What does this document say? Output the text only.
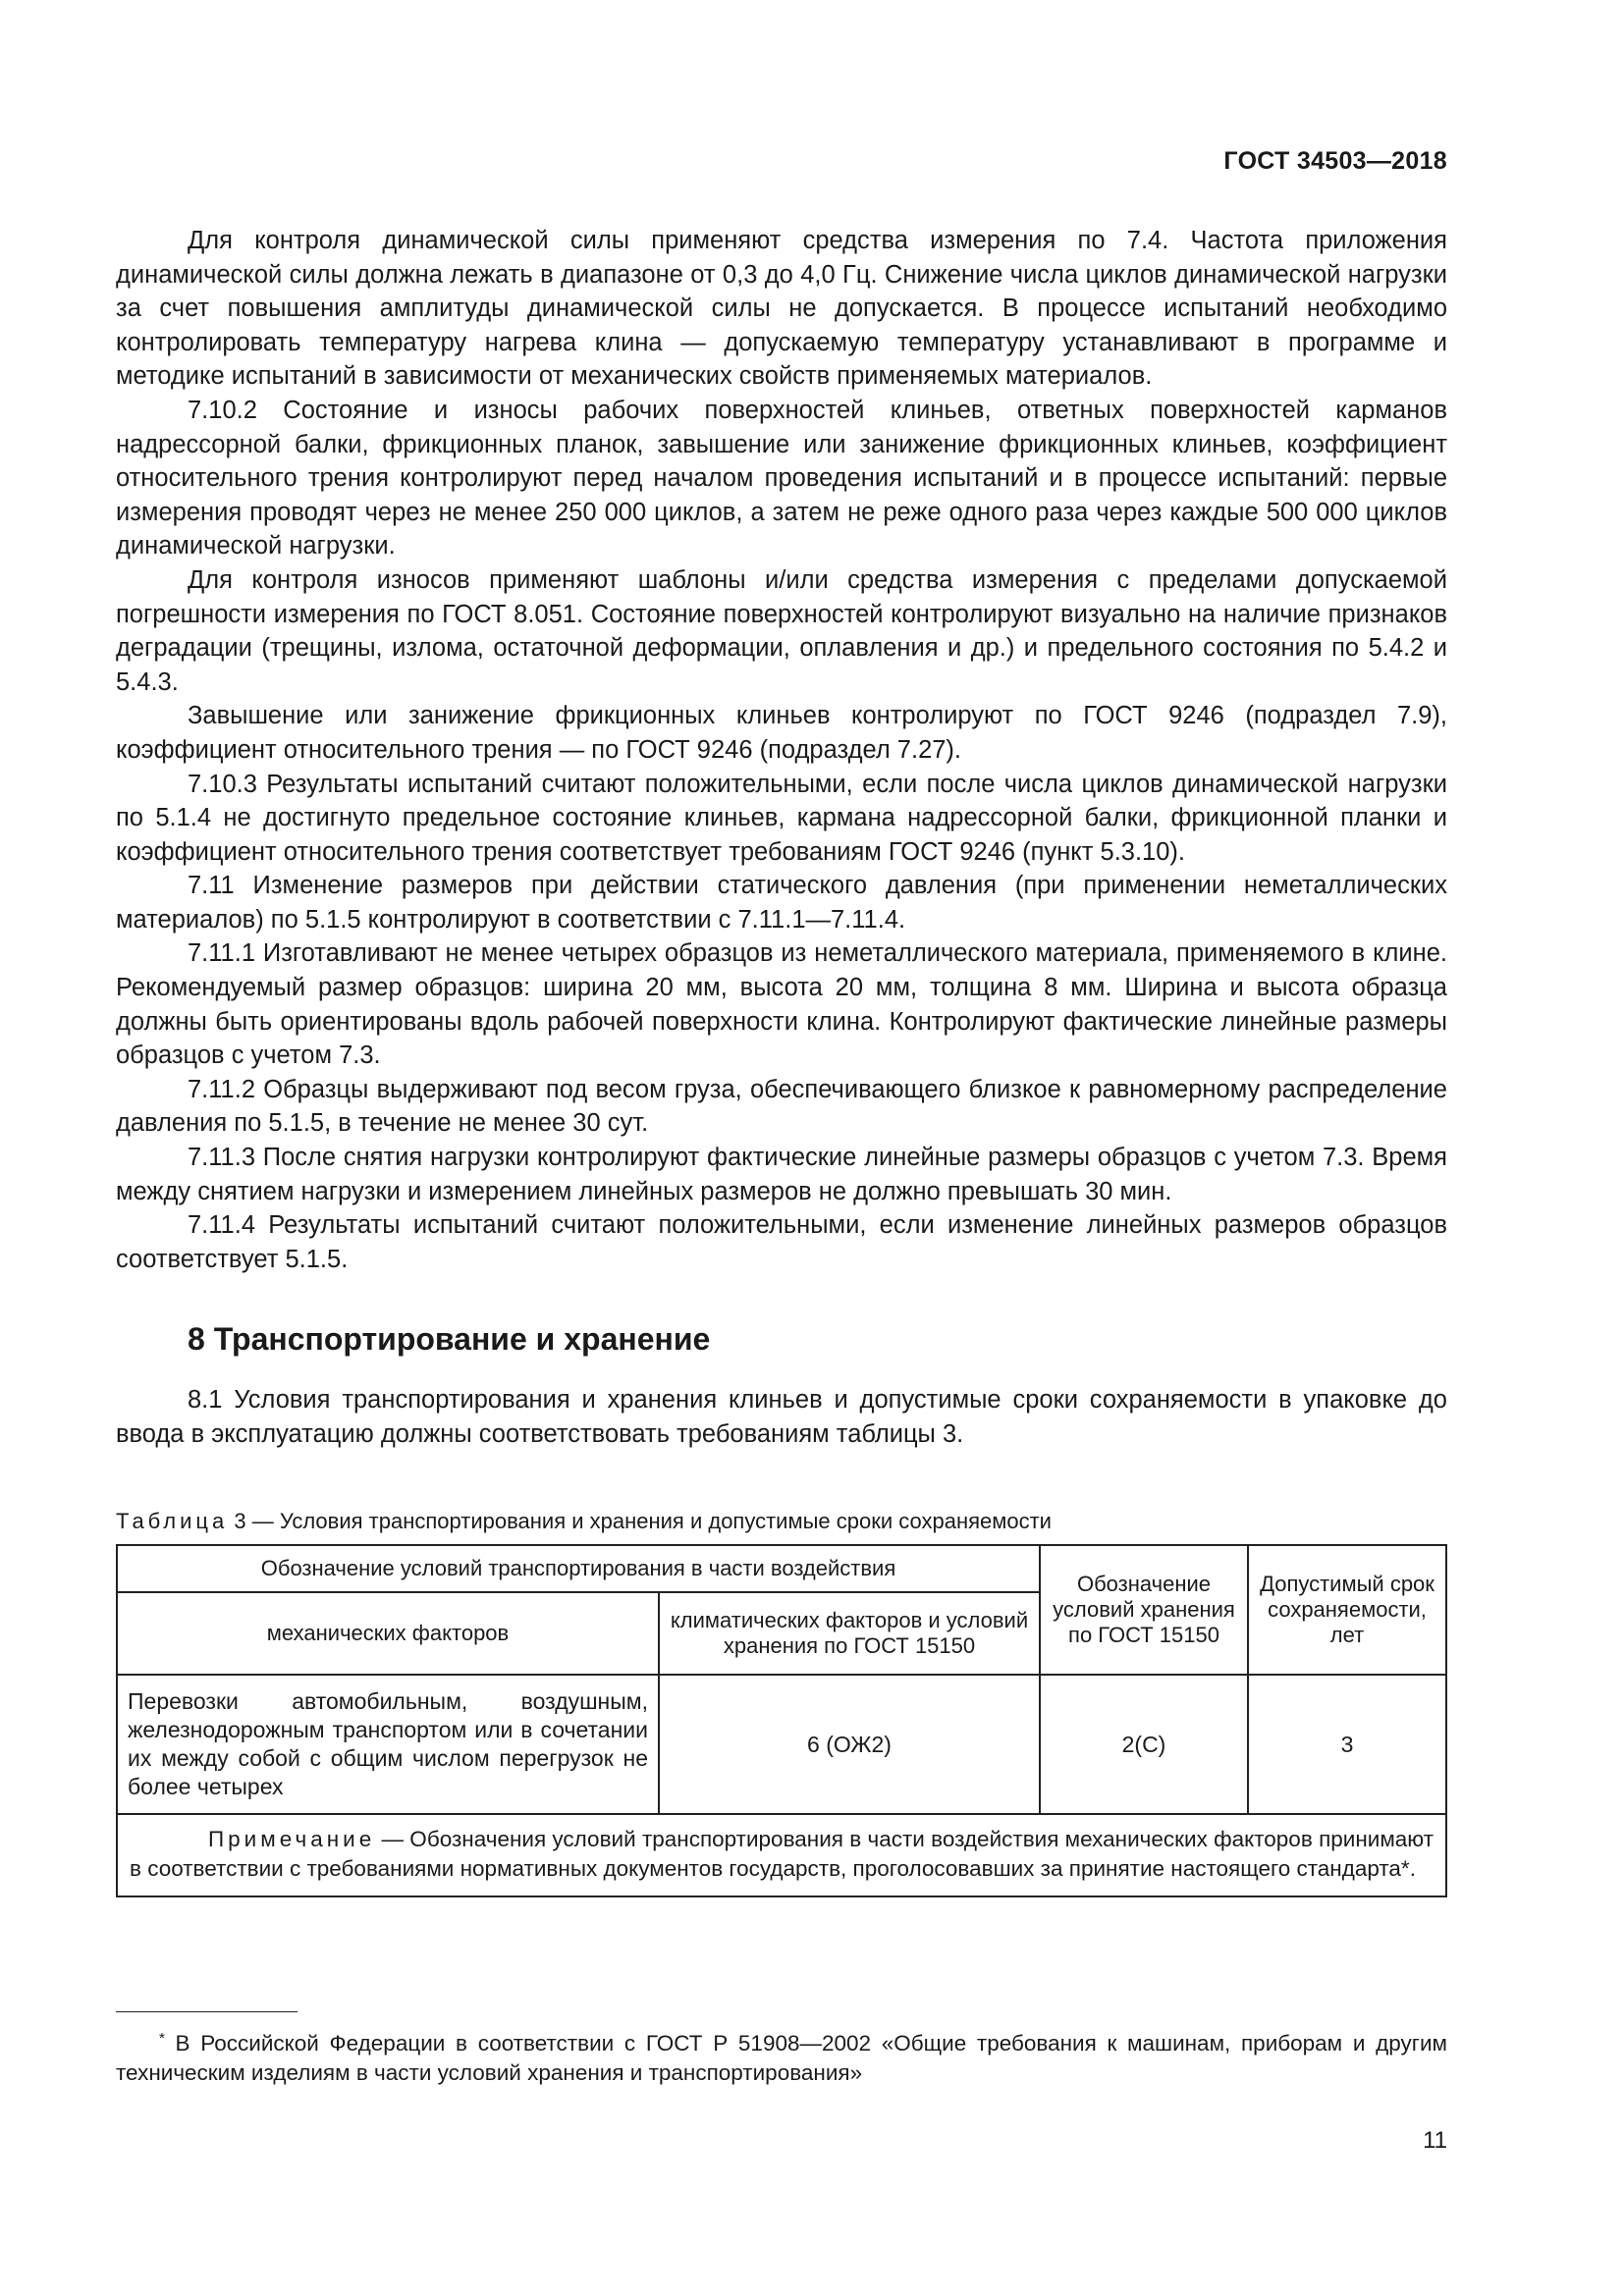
ГОСТ 34503—2018

Для контроля динамической силы применяют средства измерения по 7.4. Частота приложения динамической силы должна лежать в диапазоне от 0,3 до 4,0 Гц. Снижение числа циклов динамической нагрузки за счет повышения амплитуды динамической силы не допускается. В процессе испытаний необходимо контролировать температуру нагрева клина — допускаемую температуру устанавливают в программе и методике испытаний в зависимости от механических свойств применяемых материалов.

7.10.2 Состояние и износы рабочих поверхностей клиньев, ответных поверхностей карманов надрессорной балки, фрикционных планок, завышение или занижение фрикционных клиньев, коэффициент относительного трения контролируют перед началом проведения испытаний и в процессе испытаний: первые измерения проводят через не менее 250 000 циклов, а затем не реже одного раза через каждые 500 000 циклов динамической нагрузки.

Для контроля износов применяют шаблоны и/или средства измерения с пределами допускаемой погрешности измерения по ГОСТ 8.051. Состояние поверхностей контролируют визуально на наличие признаков деградации (трещины, излома, остаточной деформации, оплавления и др.) и предельного состояния по 5.4.2 и 5.4.3.

Завышение или занижение фрикционных клиньев контролируют по ГОСТ 9246 (подраздел 7.9), коэффициент относительного трения — по ГОСТ 9246 (подраздел 7.27).

7.10.3 Результаты испытаний считают положительными, если после числа циклов динамической нагрузки по 5.1.4 не достигнуто предельное состояние клиньев, кармана надрессорной балки, фрикционной планки и коэффициент относительного трения соответствует требованиям ГОСТ 9246 (пункт 5.3.10).

7.11 Изменение размеров при действии статического давления (при применении неметаллических материалов) по 5.1.5 контролируют в соответствии с 7.11.1—7.11.4.

7.11.1 Изготавливают не менее четырех образцов из неметаллического материала, применяемого в клине. Рекомендуемый размер образцов: ширина 20 мм, высота 20 мм, толщина 8 мм. Ширина и высота образца должны быть ориентированы вдоль рабочей поверхности клина. Контролируют фактические линейные размеры образцов с учетом 7.3.

7.11.2 Образцы выдерживают под весом груза, обеспечивающего близкое к равномерному распределение давления по 5.1.5, в течение не менее 30 сут.

7.11.3 После снятия нагрузки контролируют фактические линейные размеры образцов с учетом 7.3. Время между снятием нагрузки и измерением линейных размеров не должно превышать 30 мин.

7.11.4 Результаты испытаний считают положительными, если изменение линейных размеров образцов соответствует 5.1.5.

8 Транспортирование и хранение

8.1 Условия транспортирования и хранения клиньев и допустимые сроки сохраняемости в упаковке до ввода в эксплуатацию должны соответствовать требованиям таблицы 3.

Таблица 3 — Условия транспортирования и хранения и допустимые сроки сохраняемости
Обозначение условий транспортирования в части воздействия		Обозначение условий хранения по ГОСТ 15150	Допустимый срок сохраняемости, лет
механических факторов	климатических факторов и условий хранения по ГОСТ 15150		
Перевозки автомобильным, воздушным, железнодорожным транспортом или в сочетании их между собой с общим числом перегрузок не более четырех	6 (ОЖ2)	2(С)	3
Примечание — Обозначения условий транспортирования в части воздействия механических факторов принимают в соответствии с требованиями нормативных документов государств, проголосовавших за принятие настоящего стандарта*.			
* В Российской Федерации в соответствии с ГОСТ Р 51908—2002 «Общие требования к машинам, приборам и другим техническим изделиям в части условий хранения и транспортирования»
11
